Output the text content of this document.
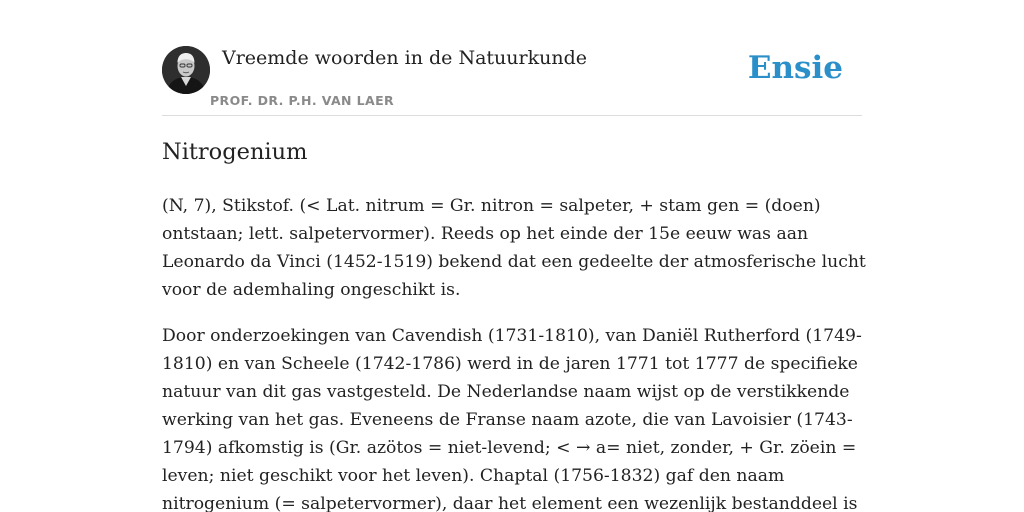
Vreemde woorden in de Natuurkunde
PROF. DR. P.H. VAN LAER
Ensie
Nitrogenium

(N, 7), Stikstof. (< Lat. nitrum = Gr. nitron = salpeter, + stam gen = (doen)
ontstaan; lett. salpetervormer). Reeds op het einde der 15e eeuw was aan
Leonardo da Vinci (1452-1519) bekend dat een gedeelte der atmosferische lucht
voor de ademhaling ongeschikt is.

Door onderzoekingen van Cavendish (1731-1810), van Daniël Rutherford (1749-
1810) en van Scheele (1742-1786) werd in de jaren 1771 tot 1777 de specifieke
natuur van dit gas vastgesteld. De Nederlandse naam wijst op de verstikkende
werking van het gas. Eveneens de Franse naam azote, die van Lavoisier (1743-
1794) afkomstig is (Gr. azötos = niet-levend; < → a= niet, zonder, + Gr. zöein =
leven; niet geschikt voor het leven). Chaptal (1756-1832) gaf den naam
nitrogenium (= salpetervormer), daar het element een wezenlijk bestanddeel is
